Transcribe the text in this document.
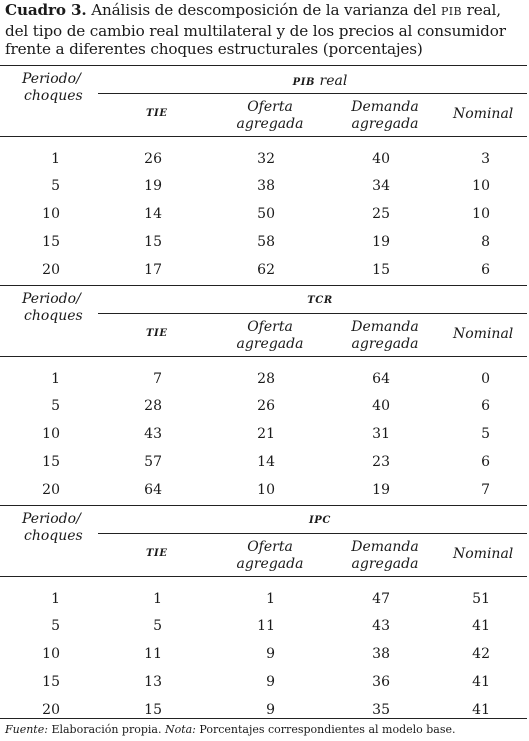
Cuadro 3. Análisis de descomposición de la varianza del PIB real, del tipo de cambio real multilateral y de los precios al consumidor frente a diferentes choques estructurales (porcentajes)
Periodo/
choques
PIB real
TIE	Oferta
agregada
Demanda
agregada
Nominal
1	26	32	40	3
5	19	38	34	10
10	14	50	25	10
15	15	58	19	8
20	17	62	15	6
Periodo/
choques
TCR
TIE	Oferta
agregada
Demanda
agregada
Nominal
1	7	28	64	0
5	28	26	40	6
10	43	21	31	5
15	57	14	23	6
20	64	10	19	7
Periodo/
choques
IPC
TIE	Oferta
agregada
Demanda
agregada
Nominal
1	1	1	47	51
5	5	11	43	41
10	11	9	38	42
15	13	9	36	41
20	15	9	35	41
Fuente: Elaboración propia. Nota: Porcentajes correspondientes al modelo base.
